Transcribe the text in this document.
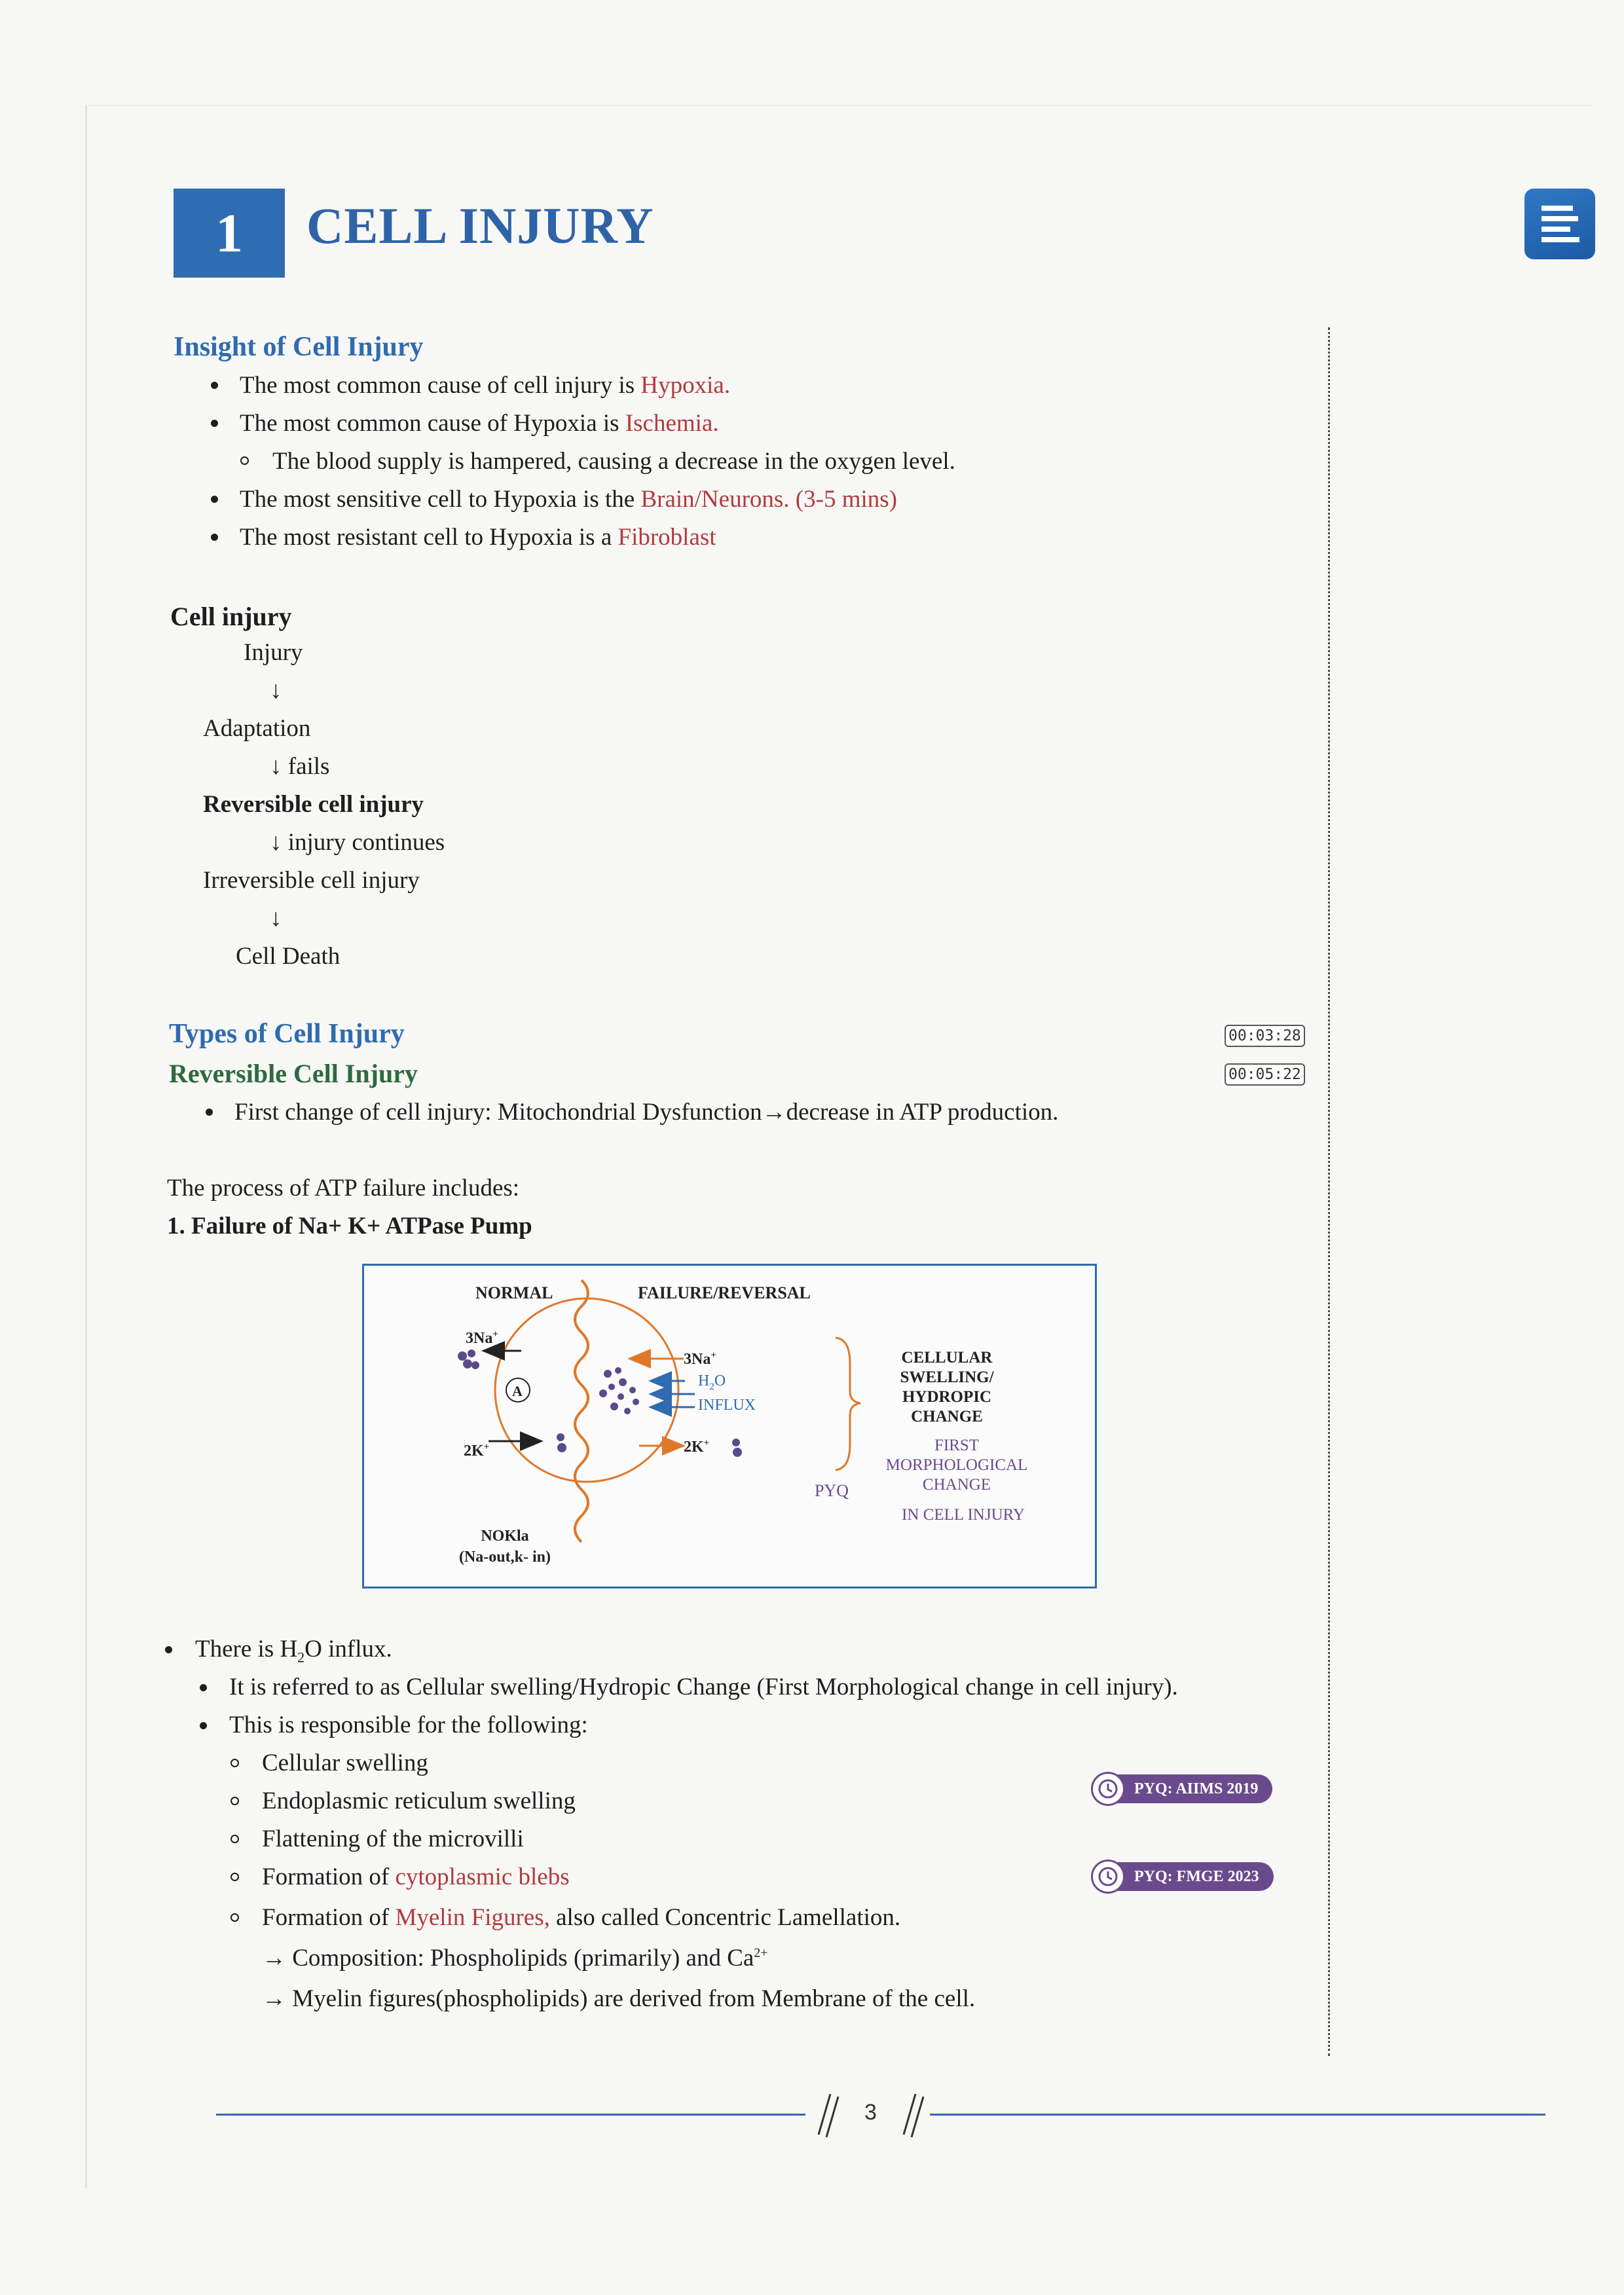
1	CELL INJURY
Insight of Cell Injury
The most common cause of cell injury is Hypoxia.
The most common cause of Hypoxia is Ischemia.
The blood supply is hampered, causing a decrease in the oxygen level.
The most sensitive cell to Hypoxia is the Brain/Neurons. (3-5 mins)
The most resistant cell to Hypoxia is a Fibroblast
Cell injury
Injury
↓
Adaptation
↓ fails
Reversible cell injury
↓ injury continues
Irreversible cell injury
↓
Cell Death
Types of Cell Injury	00:03:28
Reversible Cell Injury	00:05:22
First change of cell injury: Mitochondrial Dysfunction→decrease in ATP production.
The process of ATP failure includes:
1. Failure of Na+ K+ ATPase Pump
NORMAL	FAILURE/REVERSAL
3Na+
A
2K+
3Na+
$H_2O$
INFLUX
2K+
PYQ
CELLULAR
SWELLING/
HYDROPIC
CHANGE
FIRST
MORPHOLOGICAL
CHANGE
IN CELL INJURY
NOKla
(Na-out,k- in)
There is $H_2O$ influx.
It is referred to as Cellular swelling/Hydropic Change (First Morphological change in cell injury).
This is responsible for the following:
Cellular swelling
Endoplasmic reticulum swelling
Flattening of the microvilli
Formation of cytoplasmic blebs
Formation of Myelin Figures, also called Concentric Lamellation.
→ Composition: Phospholipids (primarily) and $Ca^{2+}$
→ Myelin figures(phospholipids) are derived from Membrane of the cell.
PYQ: AIIMS 2019
PYQ: FMGE 2023
3
